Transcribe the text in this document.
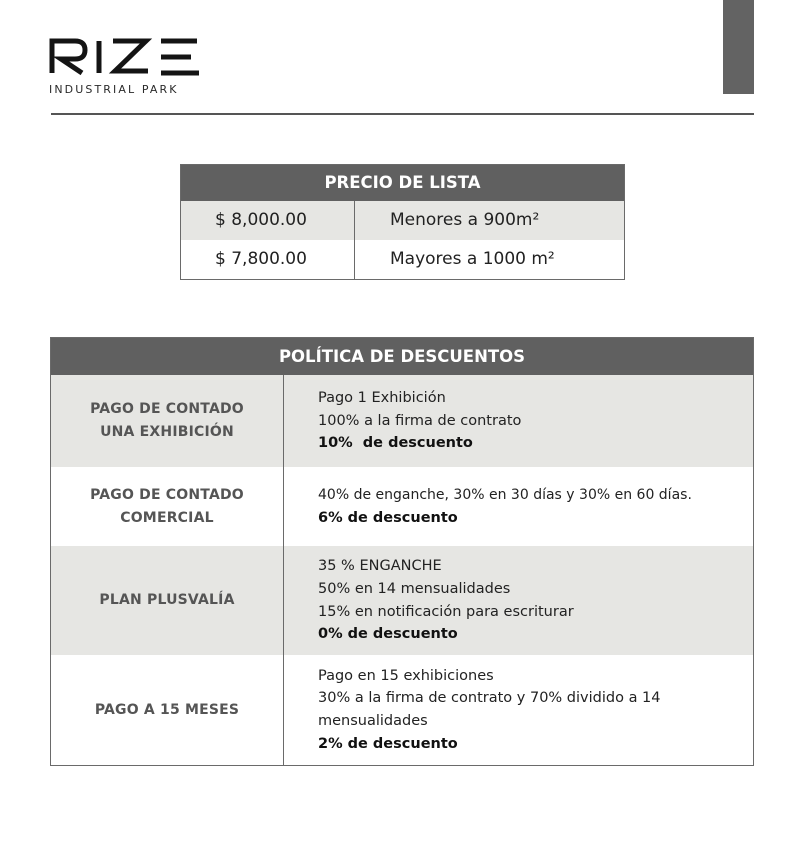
RIZE
INDUSTRIAL PARK
PRECIO DE LISTA
$ 8,000.00	Menores a 900m²
$ 7,800.00	Mayores a 1000 m²
POLÍTICA DE DESCUENTOS
PAGO DE CONTADO
UNA EXHIBICIÓN
Pago 1 Exhibición
100% a la firma de contrato
10%  de descuento
PAGO DE CONTADO
COMERCIAL
40% de enganche, 30% en 30 días y 30% en 60 días.
6% de descuento
PLAN PLUSVALÍA
35 % ENGANCHE
50% en 14 mensualidades
15% en notificación para escriturar
0% de descuento
PAGO A 15 MESES
Pago en 15 exhibiciones
30% a la firma de contrato y 70% dividido a 14
mensualidades
2% de descuento
